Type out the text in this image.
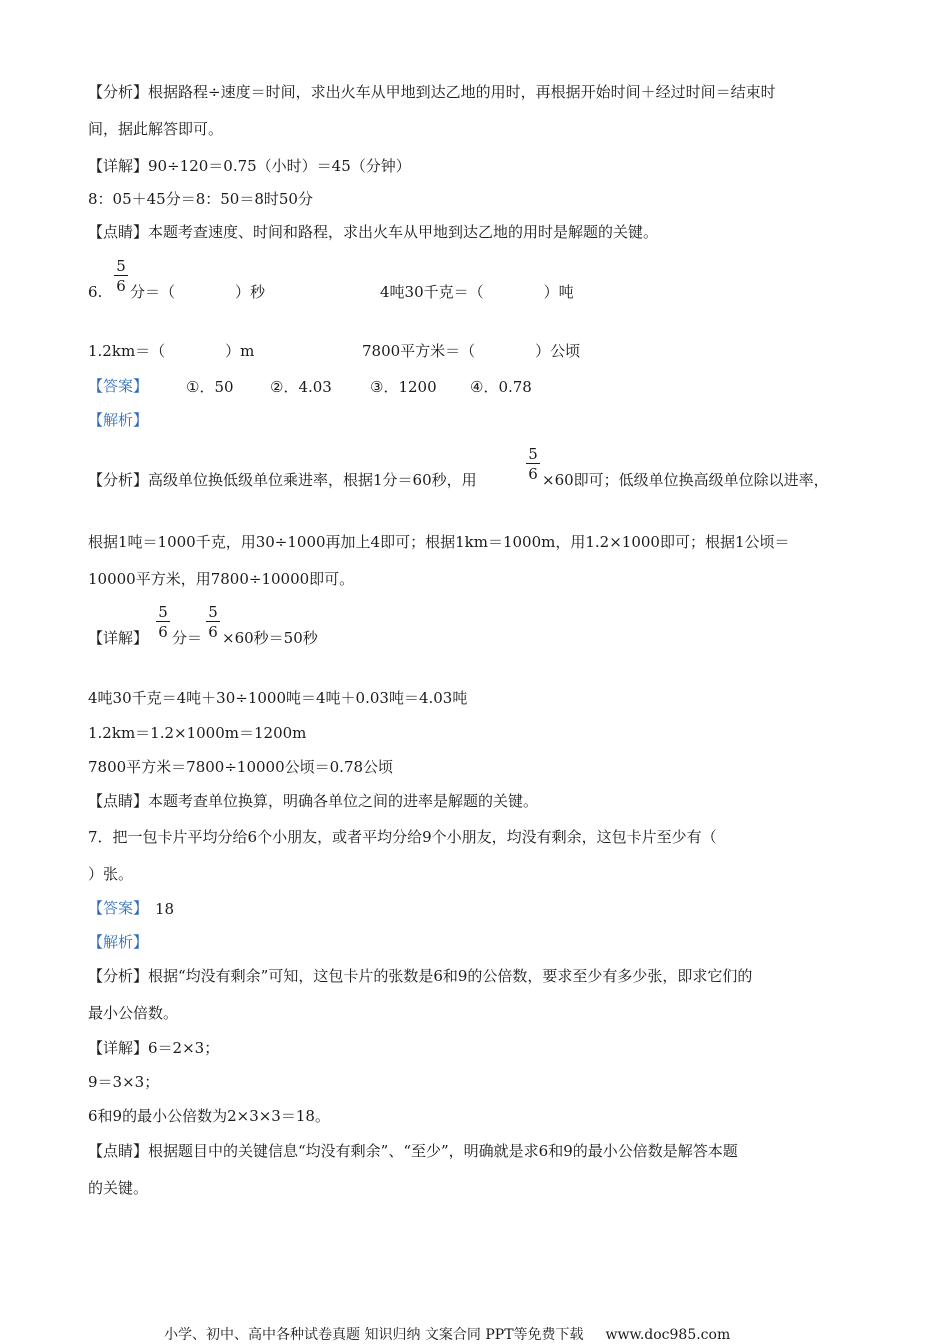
【分析】根据路程÷速度＝时间，求出火车从甲地到达乙地的用时，再根据开始时间＋经过时间＝结束时
间，据此解答即可。
【详解】90÷120＝0.75（小时）＝45（分钟）
8：05＋45分＝8：50＝8时50分
【点睛】本题考查速度、时间和路程，求出火车从甲地到达乙地的用时是解题的关键。
6. $\frac{5}{6}$ 分＝（　　　　）秒	4吨30千克＝（　　　　）吨
1.2km＝（　　　　）m	7800平方米＝（　　　　）公顷
【答案】	①．50 ②．4.03	③．1200 ④．0.78
【解析】
【分析】高级单位换低级单位乘进率，根据1分＝60秒，用	$\frac{5}{6} \times 60$即可；低级单位换高级单位除以进率，
根据1吨＝1000千克，用30÷1000再加上4即可；根据1km＝1000m，用1.2×1000即可；根据1公顷＝
10000平方米，用7800÷10000即可。
【详解】 $\frac{5}{6}$ 分＝ $\frac{5}{6} \times 60$秒＝50秒
4吨30千克＝4吨＋30÷1000吨＝4吨＋0.03吨＝4.03吨
1.2km＝1.2×1000m＝1200m
7800平方米＝7800÷10000公顷＝0.78公顷
【点睛】本题考查单位换算，明确各单位之间的进率是解题的关键。
7．把一包卡片平均分给6个小朋友，或者平均分给9个小朋友，均没有剩余，这包卡片至少有（
）张。
【答案】 18
【解析】
【分析】根据“均没有剩余”可知，这包卡片的张数是6和9的公倍数，要求至少有多少张，即求它们的
最小公倍数。
【详解】6＝2×3；
9＝3×3；
6和9的最小公倍数为2×3×3＝18。
【点睛】根据题目中的关键信息“均没有剩余”、“至少”，明确就是求6和9的最小公倍数是解答本题
的关键。
小学、初中、高中各种试卷真题 知识归纳 文案合同 PPT等免费下载 www.doc985.com
